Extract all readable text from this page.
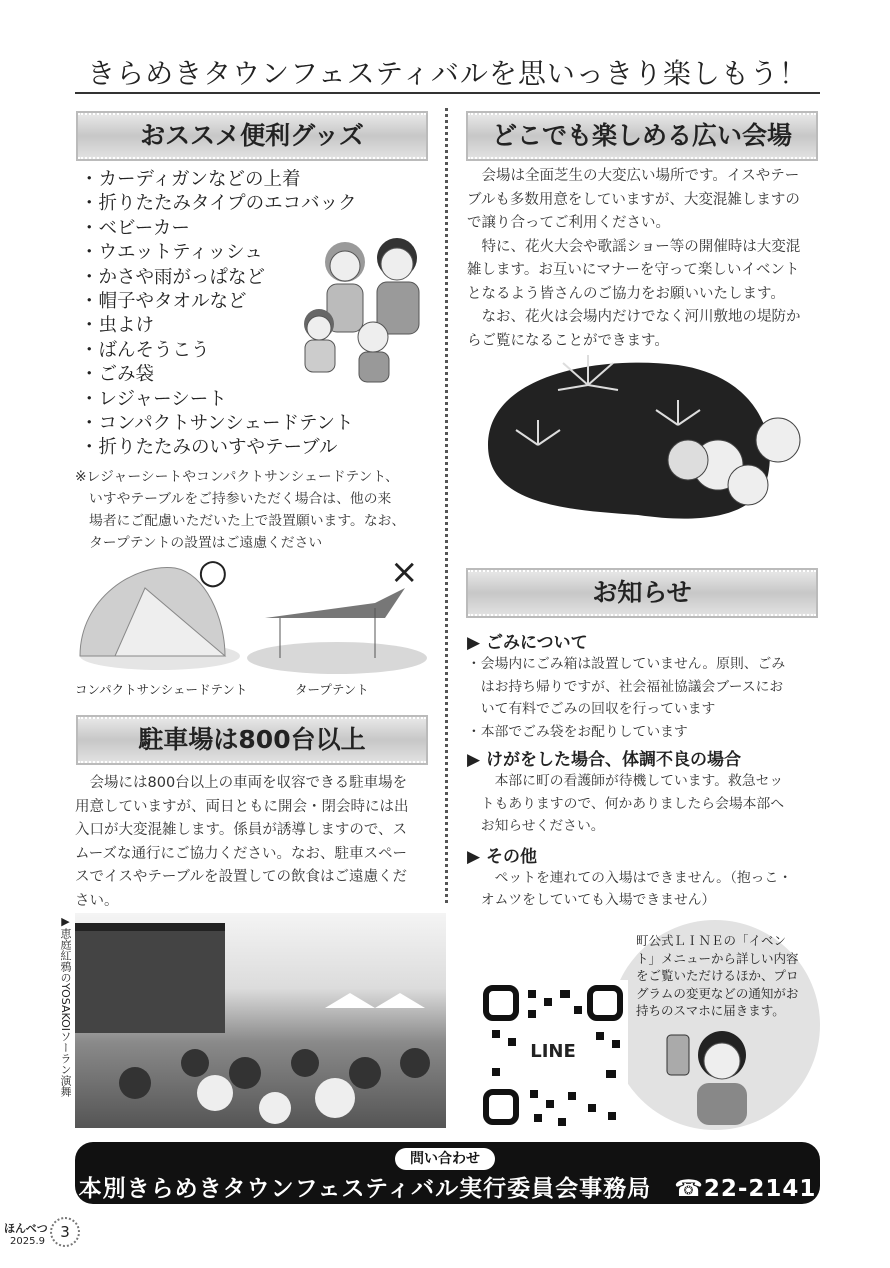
きらめきタウンフェスティバルを思いっきり楽しもう！
おススメ便利グッズ
・カーディガンなどの上着
・折りたたみタイプのエコバック
・ベビーカー
・ウエットティッシュ
・かさや雨がっぱなど
・帽子やタオルなど
・虫よけ
・ばんそうこう
・ごみ袋
・レジャーシート
・コンパクトサンシェードテント
・折りたたみのいすやテーブル
※レジャーシートやコンパクトサンシェードテント、
いすやテーブルをご持参いただく場合は、他の来
場者にご配慮いただいた上で設置願います。なお、
タープテントの設置はご遠慮ください
○	×
コンパクトサンシェードテント	タープテント
駐車場は800台以上
　会場には800台以上の車両を収容できる駐車場を
用意していますが、両日ともに開会・閉会時には出
入口が大変混雑します。係員が誘導しますので、ス
ムーズな通行にご協力ください。なお、駐車スペー
スでイスやテーブルを設置しての飲食はご遠慮くだ
さい。
▶恵庭紅鴉のYOSAKOIソーラン演舞
どこでも楽しめる広い会場
　会場は全面芝生の大変広い場所です。イスやテー
ブルも多数用意をしていますが、大変混雑しますの
で譲り合ってご利用ください。
　特に、花火大会や歌謡ショー等の開催時は大変混
雑します。お互いにマナーを守って楽しいイベント
となるよう皆さんのご協力をお願いいたします。
　なお、花火は会場内だけでなく河川敷地の堤防か
らご覧になることができます。
お知らせ
▶ ごみについて
・会場内にごみ箱は設置していません。原則、ごみ
　はお持ち帰りですが、社会福祉協議会ブースにお
　いて有料でごみの回収を行っています
・本部でごみ袋をお配りしています
▶ けがをした場合、体調不良の場合
　　本部に町の看護師が待機しています。救急セッ
　トもありますので、何かありましたら会場本部へ
　お知らせください。
▶ その他
　　ペットを連れての入場はできません。（抱っこ・
　オムツをしていても入場できません）
町公式ＬＩＮＥの「イベン
ト」メニューから詳しい内容
をご覧いただけるほか、プロ
グラムの変更などの通知がお
持ちのスマホに届きます。
LINE
問い合わせ
本別きらめきタウンフェスティバル実行委員会事務局 ☎22-2141
ほんべつ
2025.9
3
